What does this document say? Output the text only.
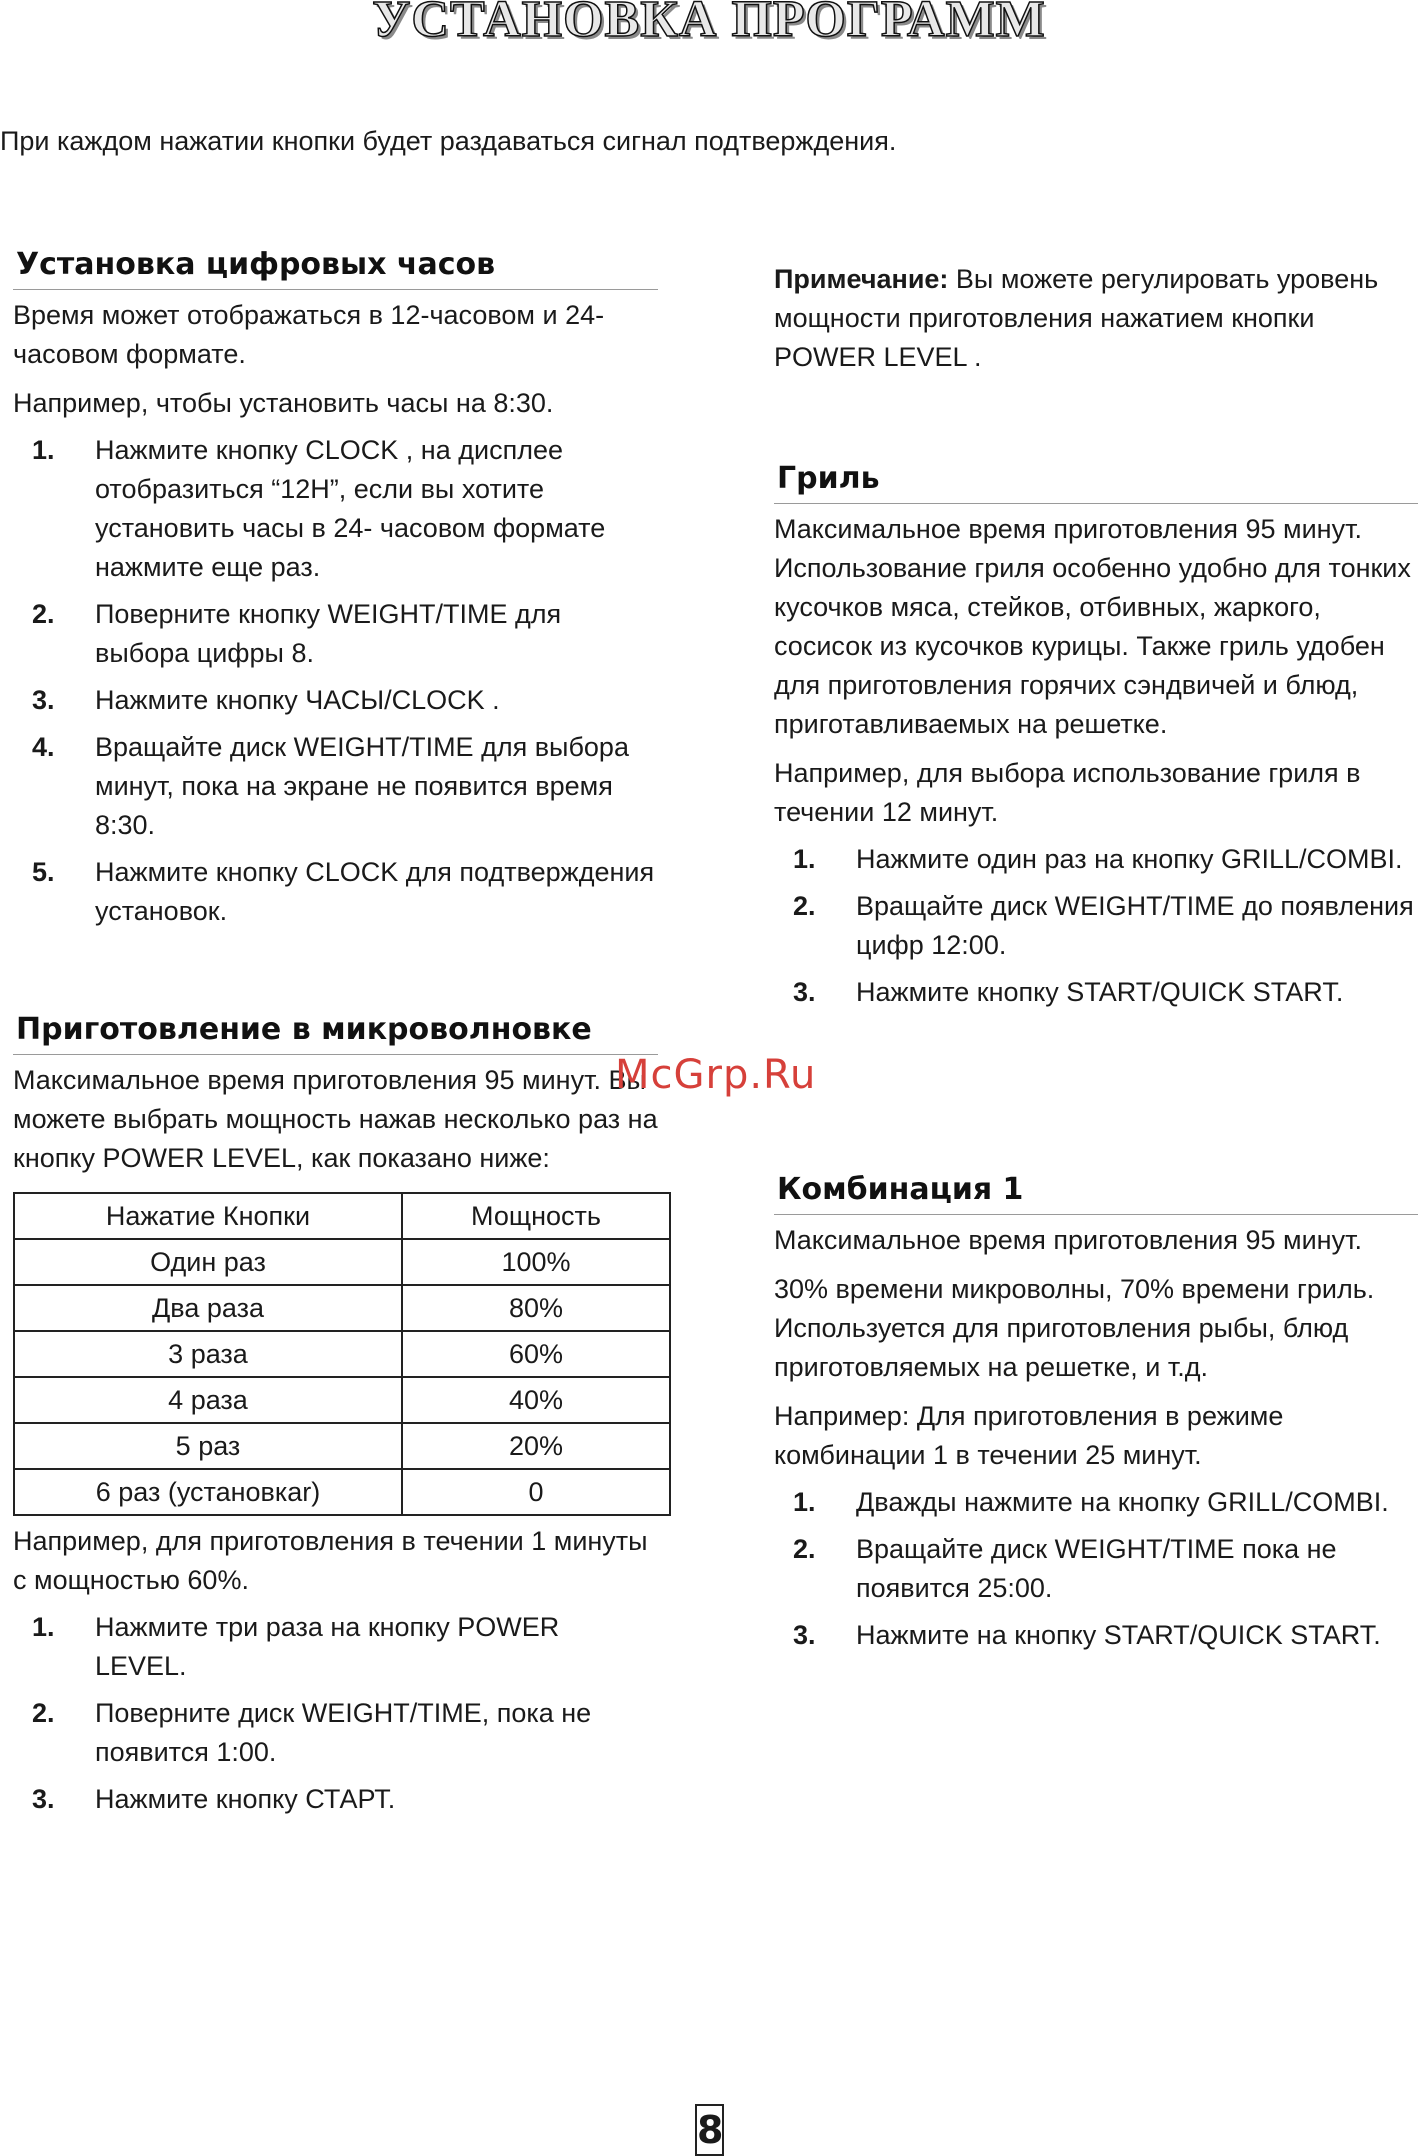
УСТАНОВКА ПРОГРАММ
При каждом нажатии кнопки будет раздаваться сигнал подтверждения.
Установка цифровых часов

Время может отображаться в 12-часовом и 24- часовом формате.

Например, чтобы установить часы на 8:30.

1. Нажмите кнопку CLOCK , на дисплее отобразиться “12H”, если вы хотите установить часы в 24- часовом формате нажмите еще раз.
2. Поверните кнопку WEIGHT/TIME для выбора цифры 8.
3. Нажмите кнопку ЧАСЫ/CLOCK .
4. Вращайте диск WEIGHT/TIME для выбора минут, пока на экране не появится время 8:30.
5. Нажмите кнопку CLOCK для подтверждения установок.
Приготовление в микроволновке

Максимальное время приготовления 95 минут. Вы можете выбрать мощность нажав несколько раз на кнопку POWER LEVEL, как показано ниже:

Нажатие Кнопки	Мощность
Один раз	100%
Два раза	80%
3 раза	60%
4 раза	40%
5 раз	20%
6 раз (установкаr)	0

Например, для приготовления в течении 1 минуты с мощностью 60%.

1. Нажмите три раза на кнопку POWER LEVEL.
2. Поверните диск WEIGHT/TIME, пока не появится 1:00.
3. Нажмите кнопку СТАРТ.

Примечание: Вы можете регулировать уровень мощности приготовления нажатием кнопки POWER LEVEL .

Гриль

Максимальное время приготовления 95 минут. Использование гриля особенно удобно для тонких кусочков мяса, стейков, отбивных, жаркого, сосисок из кусочков курицы. Также гриль удобен для приготовления горячих сэндвичей и блюд, приготавливаемых на решетке.

Например, для выбора использование гриля в течении 12 минут.

1. Нажмите один раз на кнопку GRILL/COMBI.
2. Вращайте диск WEIGHT/TIME до появления цифр 12:00.
3. Нажмите кнопку START/QUICK START.
Комбинация 1

Максимальное время приготовления 95 минут.

30% времени микроволны, 70% времени гриль. Используется для приготовления рыбы, блюд приготовляемых на решетке, и т.д.

Например: Для приготовления в режиме комбинации 1 в течении 25 минут.

1. Дважды нажмите на кнопку GRILL/COMBI.
2. Вращайте диск WEIGHT/TIME пока не появится 25:00.
3. Нажмите на кнопку START/QUICK START.
McGrp.Ru
8
